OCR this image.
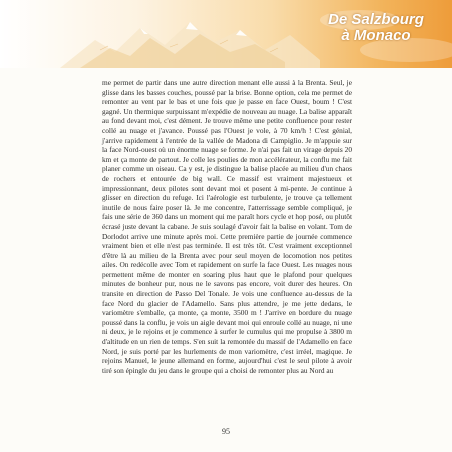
De Salzbourg
à Monaco

me permet de partir dans une autre direction menant elle aussi à la Brenta. Seul, je glisse dans les basses couches, poussé par la brise. Bonne option, cela me permet de remonter au vent par le bas et une fois que je passe en face Ouest, boum ! C'est gagné. Un thermique surpuissant m'expédie de nouveau au nuage. La balise apparaît au fond devant moi, c'est dément. Je trouve même une petite confluence pour rester collé au nuage et j'avance. Poussé pas l'Ouest je vole, à 70 km/h ! C'est génial, j'arrive rapidement à l'entrée de la vallée de Madona di Campiglio. Je m'appuie sur la face Nord-ouest où un énorme nuage se forme. Je n'ai pas fait un virage depuis 20 km et ça monte de partout. Je colle les poulies de mon accélérateur, la conflu me fait planer comme un oiseau. Ca y est, je distingue la balise placée au milieu d'un chaos de rochers et entourée de big wall. Ce massif est vraiment majestueux et impressionnant, deux pilotes sont devant moi et posent à mi-pente. Je continue à glisser en direction du refuge. Ici l'aérologie est turbulente, je trouve ça tellement inutile de nous faire poser là. Je me concentre, l'atterrissage semble compliqué, je fais une série de 360 dans un moment qui me paraît hors cycle et hop posé, ou plutôt écrasé juste devant la cabane. Je suis soulagé d'avoir fait la balise en volant. Tom de Dorlodot arrive une minute après moi. Cette première partie de journée commence vraiment bien et elle n'est pas terminée. Il est très tôt. C'est vraiment exceptionnel d'être là au milieu de la Brenta avec pour seul moyen de locomotion nos petites ailes. On redécolle avec Tom et rapidement on surfe la face Ouest. Les nuages nous permettent même de monter en soaring plus haut que le plafond pour quelques minutes de bonheur pur, nous ne le savons pas encore, voit durer des heures. On transite en direction de Passo Del Tonale. Je vois une confluence au-dessus de la face Nord du glacier de l'Adamello. Sans plus attendre, je me jette dedans, le variomètre s'emballe, ça monte, ça monte, 3500 m ! J'arrive en bordure du nuage poussé dans la conflu, je vois un aigle devant moi qui enroule collé au nuage, ni une ni deux, je le rejoins et je commence à surfer le cumulus qui me propulse à 3800 m d'altitude en un rien de temps. S'en suit la remontée du massif de l'Adamello en face Nord, je suis porté par les hurlements de mon variomètre, c'est irréel, magique. Je rejoins Manuel, le jeune allemand en forme, aujourd'hui c'est le seul pilote à avoir tiré son épingle du jeu dans le groupe qui a choisi de remonter plus au Nord au

95
